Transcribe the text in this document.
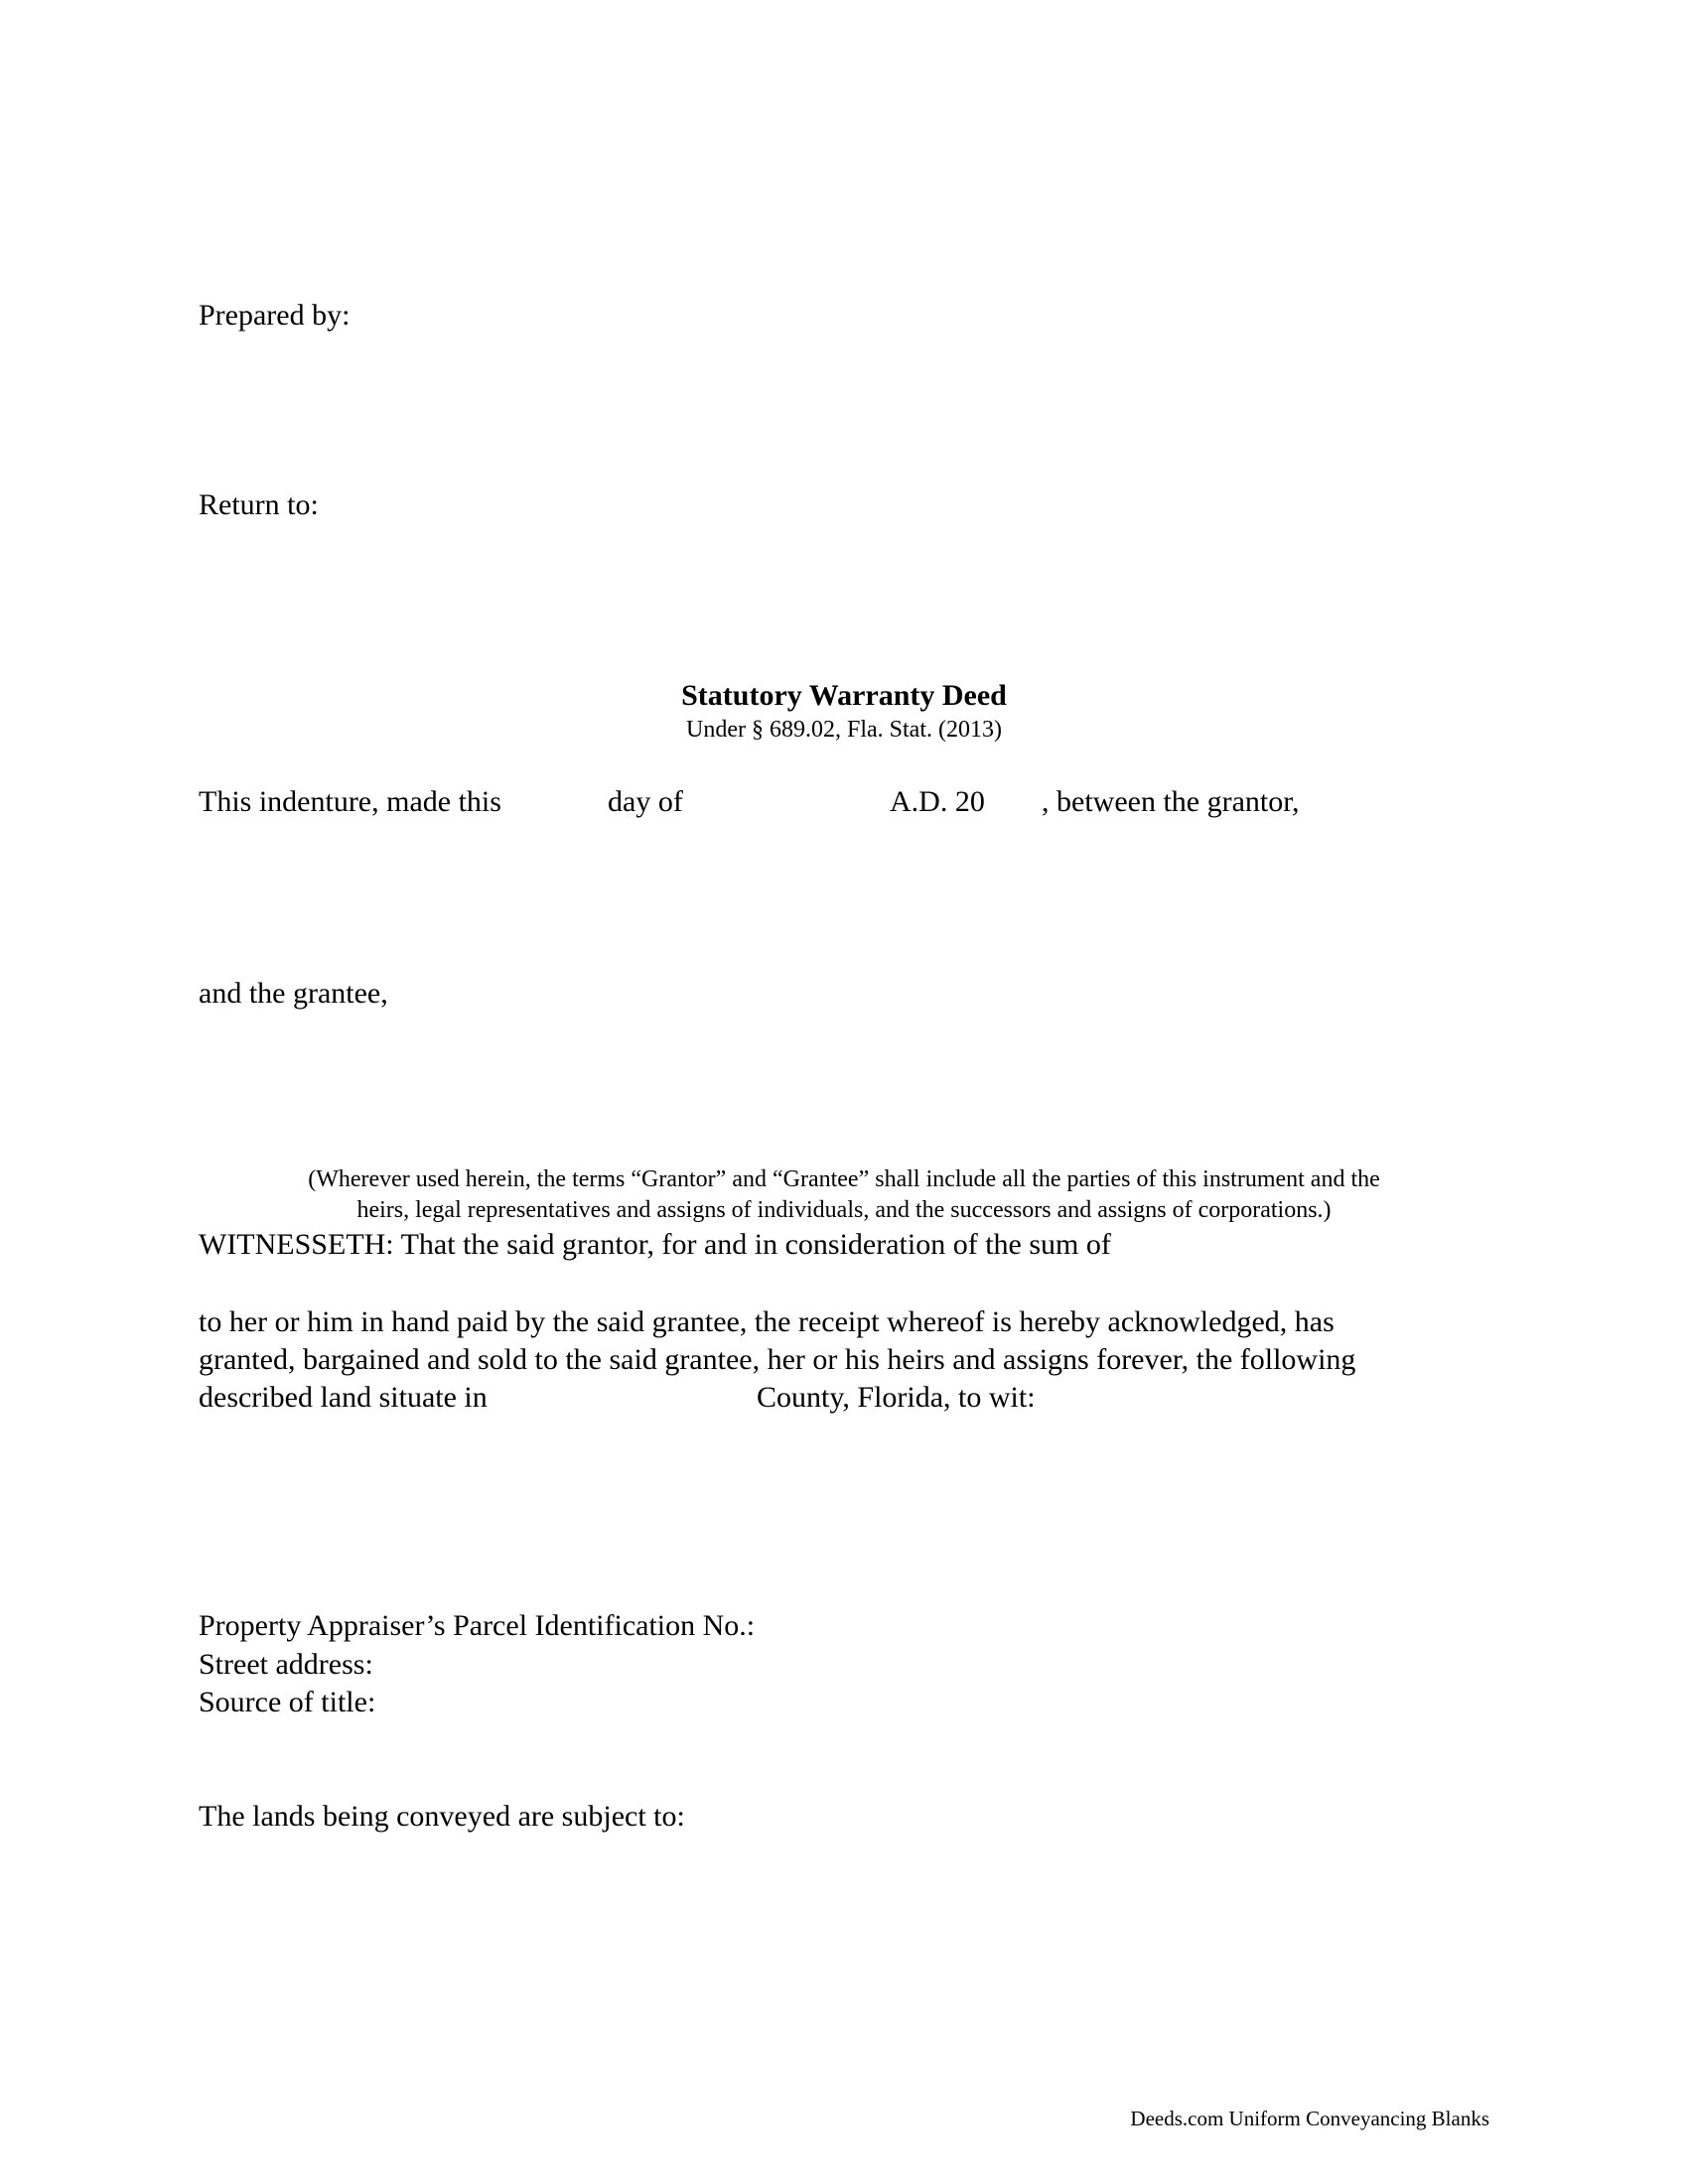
Prepared by:
Return to:
Statutory Warranty Deed
Under § 689.02, Fla. Stat. (2013)
This indenture, made this	day of	A.D. 20 , between the grantor,
and the grantee,
(Wherever used herein, the terms “Grantor” and “Grantee” shall include all the parties of this instrument and the
heirs, legal representatives and assigns of individuals, and the successors and assigns of corporations.)
WITNESSETH: That the said grantor, for and in consideration of the sum of
to her or him in hand paid by the said grantee, the receipt whereof is hereby acknowledged, has
granted, bargained and sold to the said grantee, her or his heirs and assigns forever, the following
described land situate in	County, Florida, to wit:
Property Appraiser’s Parcel Identification No.:
Street address:
Source of title:
The lands being conveyed are subject to:
Deeds.com Uniform Conveyancing Blanks
